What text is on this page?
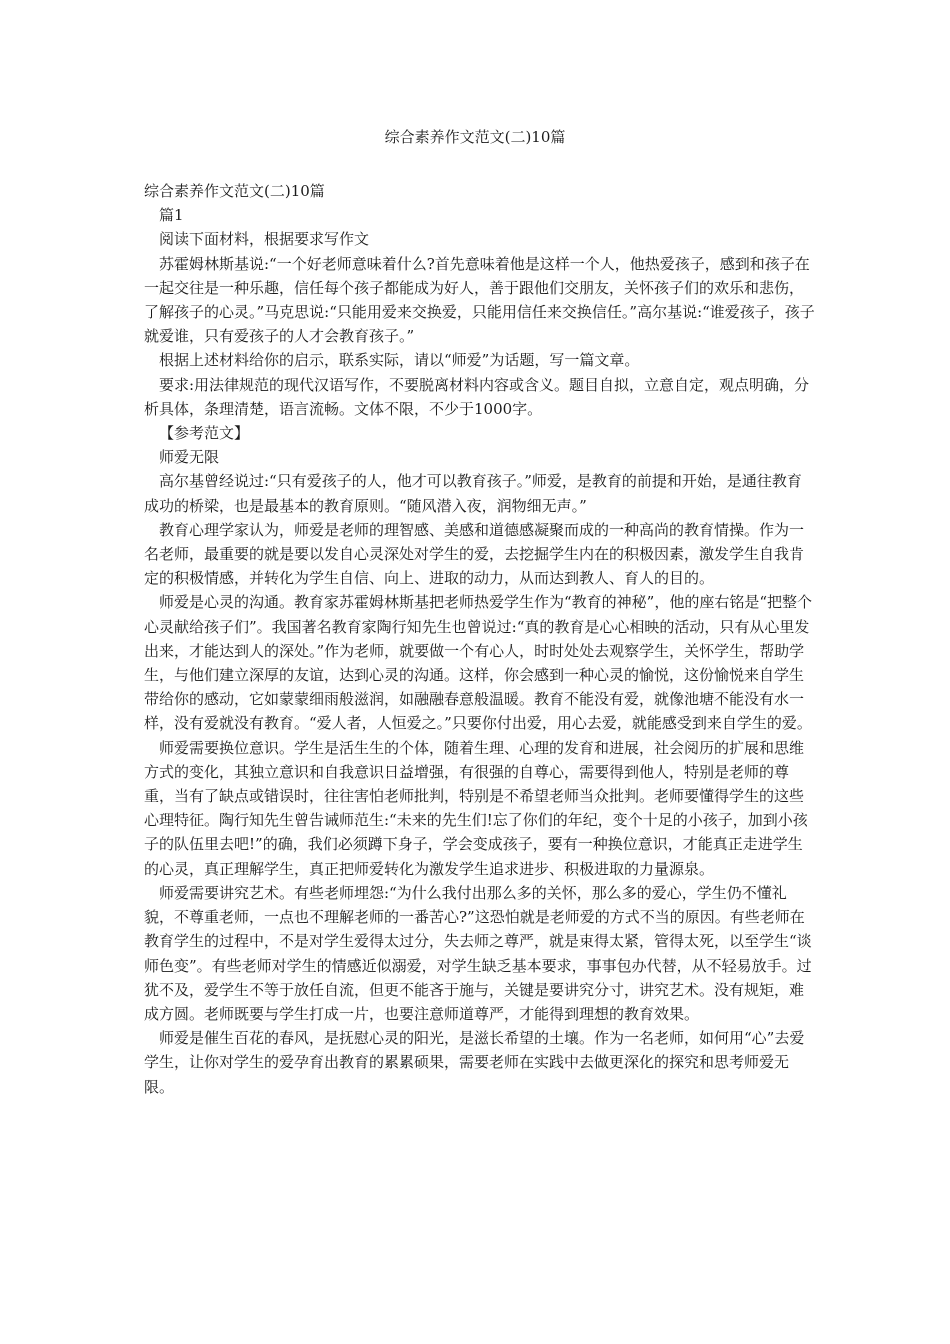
综合素养作文范文(二)10篇

综合素养作文范文(二)10篇

篇1

阅读下面材料，根据要求写作文

苏霍姆林斯基说:“一个好老师意味着什么?首先意味着他是这样一个人，他热爱孩子，感到和孩子在一起交往是一种乐趣，信任每个孩子都能成为好人，善于跟他们交朋友，关怀孩子们的欢乐和悲伤，了解孩子的心灵。”马克思说:“只能用爱来交换爱，只能用信任来交换信任。”高尔基说:“谁爱孩子，孩子就爱谁，只有爱孩子的人才会教育孩子。”

根据上述材料给你的启示，联系实际，请以“师爱”为话题，写一篇文章。

要求:用法律规范的现代汉语写作，不要脱离材料内容或含义。题目自拟，立意自定，观点明确，分析具体，条理清楚，语言流畅。文体不限，不少于1000字。

【参考范文】

师爱无限

高尔基曾经说过:“只有爱孩子的人，他才可以教育孩子。”师爱，是教育的前提和开始，是通往教育成功的桥梁，也是最基本的教育原则。“随风潜入夜，润物细无声。”

教育心理学家认为，师爱是老师的理智感、美感和道德感凝聚而成的一种高尚的教育情操。作为一名老师，最重要的就是要以发自心灵深处对学生的爱，去挖掘学生内在的积极因素，激发学生自我肯定的积极情感，并转化为学生自信、向上、进取的动力，从而达到教人、育人的目的。

师爱是心灵的沟通。教育家苏霍姆林斯基把老师热爱学生作为“教育的神秘”，他的座右铭是“把整个心灵献给孩子们”。我国著名教育家陶行知先生也曾说过:“真的教育是心心相映的活动，只有从心里发出来，才能达到人的深处。”作为老师，就要做一个有心人，时时处处去观察学生，关怀学生，帮助学生，与他们建立深厚的友谊，达到心灵的沟通。这样，你会感到一种心灵的愉悦，这份愉悦来自学生带给你的感动，它如蒙蒙细雨般滋润，如融融春意般温暖。教育不能没有爱，就像池塘不能没有水一样，没有爱就没有教育。“爱人者，人恒爱之。”只要你付出爱，用心去爱，就能感受到来自学生的爱。

师爱需要换位意识。学生是活生生的个体，随着生理、心理的发育和进展，社会阅历的扩展和思维方式的变化，其独立意识和自我意识日益增强，有很强的自尊心，需要得到他人，特别是老师的尊重，当有了缺点或错误时，往往害怕老师批判，特别是不希望老师当众批判。老师要懂得学生的这些心理特征。陶行知先生曾告诫师范生:“未来的先生们!忘了你们的年纪，变个十足的小孩子，加到小孩子的队伍里去吧!”的确，我们必须蹲下身子，学会变成孩子，要有一种换位意识，才能真正走进学生的心灵，真正理解学生，真正把师爱转化为激发学生追求进步、积极进取的力量源泉。

师爱需要讲究艺术。有些老师埋怨:“为什么我付出那么多的关怀，那么多的爱心，学生仍不懂礼貌，不尊重老师，一点也不理解老师的一番苦心?”这恐怕就是老师爱的方式不当的原因。有些老师在教育学生的过程中，不是对学生爱得太过分，失去师之尊严，就是束得太紧，管得太死，以至学生“谈师色变”。有些老师对学生的情感近似溺爱，对学生缺乏基本要求，事事包办代替，从不轻易放手。过犹不及，爱学生不等于放任自流，但更不能吝于施与，关键是要讲究分寸，讲究艺术。没有规矩，难成方圆。老师既要与学生打成一片，也要注意师道尊严，才能得到理想的教育效果。

师爱是催生百花的春风，是抚慰心灵的阳光，是滋长希望的土壤。作为一名老师，如何用“心”去爱学生，让你对学生的爱孕育出教育的累累硕果，需要老师在实践中去做更深化的探究和思考师爱无限。
